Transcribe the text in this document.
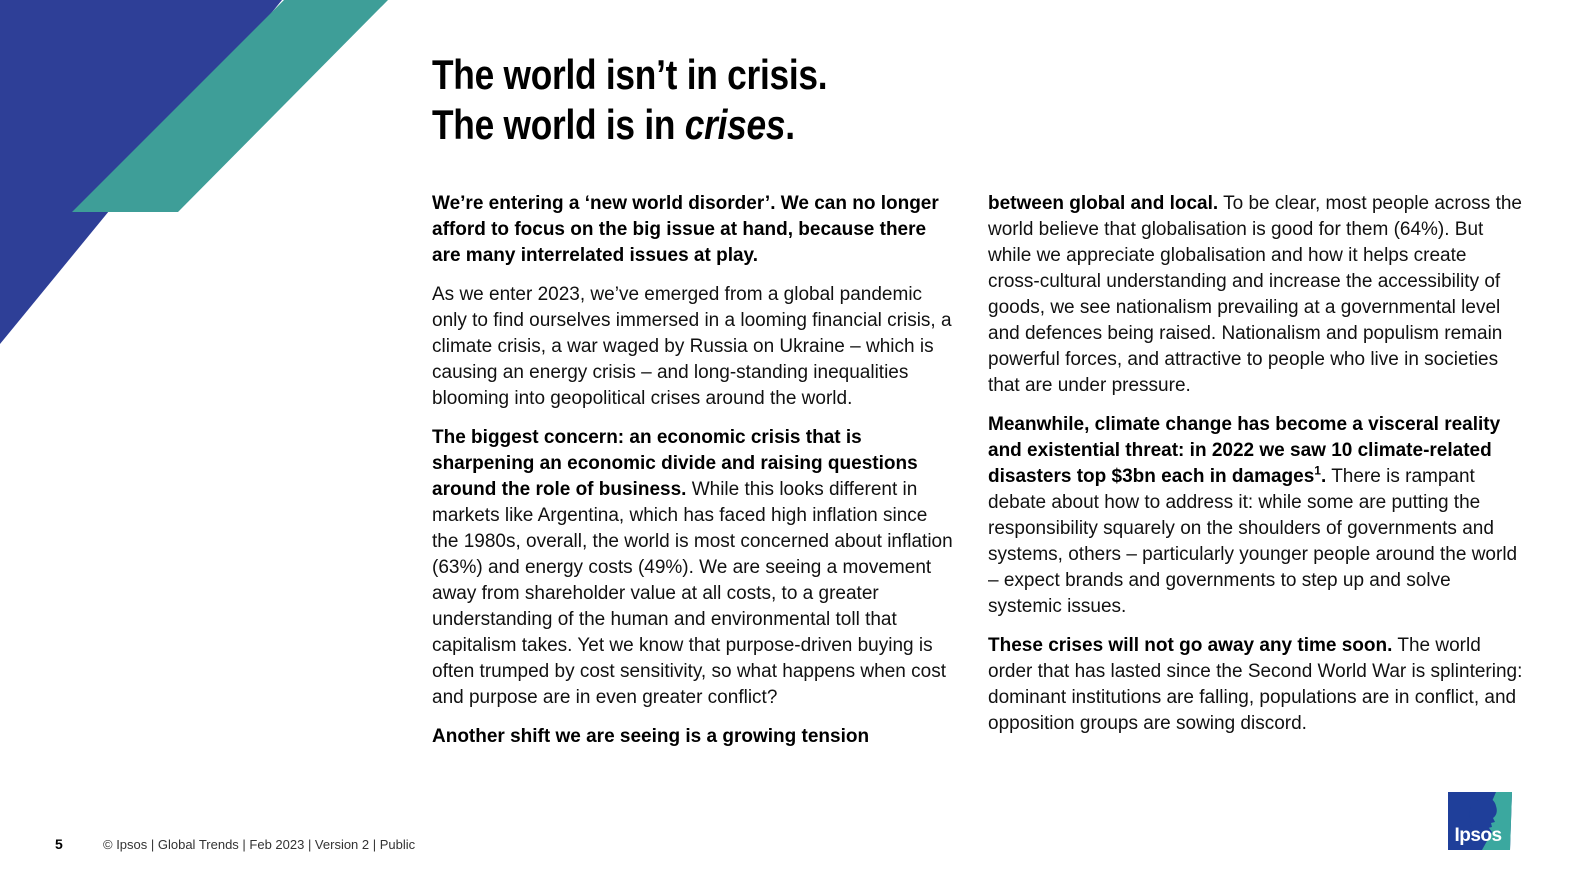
The world isn’t in crisis.
The world is in crises.

We’re entering a ‘new world disorder’. We can no longer afford to focus on the big issue at hand, because there are many interrelated issues at play.

As we enter 2023, we’ve emerged from a global pandemic only to find ourselves immersed in a looming financial crisis, a climate crisis, a war waged by Russia on Ukraine – which is causing an energy crisis – and long-standing inequalities blooming into geopolitical crises around the world.

The biggest concern: an economic crisis that is sharpening an economic divide and raising questions around the role of business. While this looks different in markets like Argentina, which has faced high inflation since the 1980s, overall, the world is most concerned about inflation (63%) and energy costs (49%). We are seeing a movement away from shareholder value at all costs, to a greater understanding of the human and environmental toll that capitalism takes. Yet we know that purpose-driven buying is often trumped by cost sensitivity, so what happens when cost and purpose are in even greater conflict?

Another shift we are seeing is a growing tension

between global and local. To be clear, most people across the world believe that globalisation is good for them (64%). But while we appreciate globalisation and how it helps create cross-cultural understanding and increase the accessibility of goods, we see nationalism prevailing at a governmental level and defences being raised. Nationalism and populism remain powerful forces, and attractive to people who live in societies that are under pressure.

Meanwhile, climate change has become a visceral reality and existential threat: in 2022 we saw 10 climate-related disasters top $3bn each in damages$^1$. There is rampant debate about how to address it: while some are putting the responsibility squarely on the shoulders of governments and systems, others – particularly younger people around the world – expect brands and governments to step up and solve systemic issues.

These crises will not go away any time soon. The world order that has lasted since the Second World War is splintering: dominant institutions are falling, populations are in conflict, and opposition groups are sowing discord.

5	© Ipsos | Global Trends | Feb 2023 | Version 2 | Public	Ipsos
